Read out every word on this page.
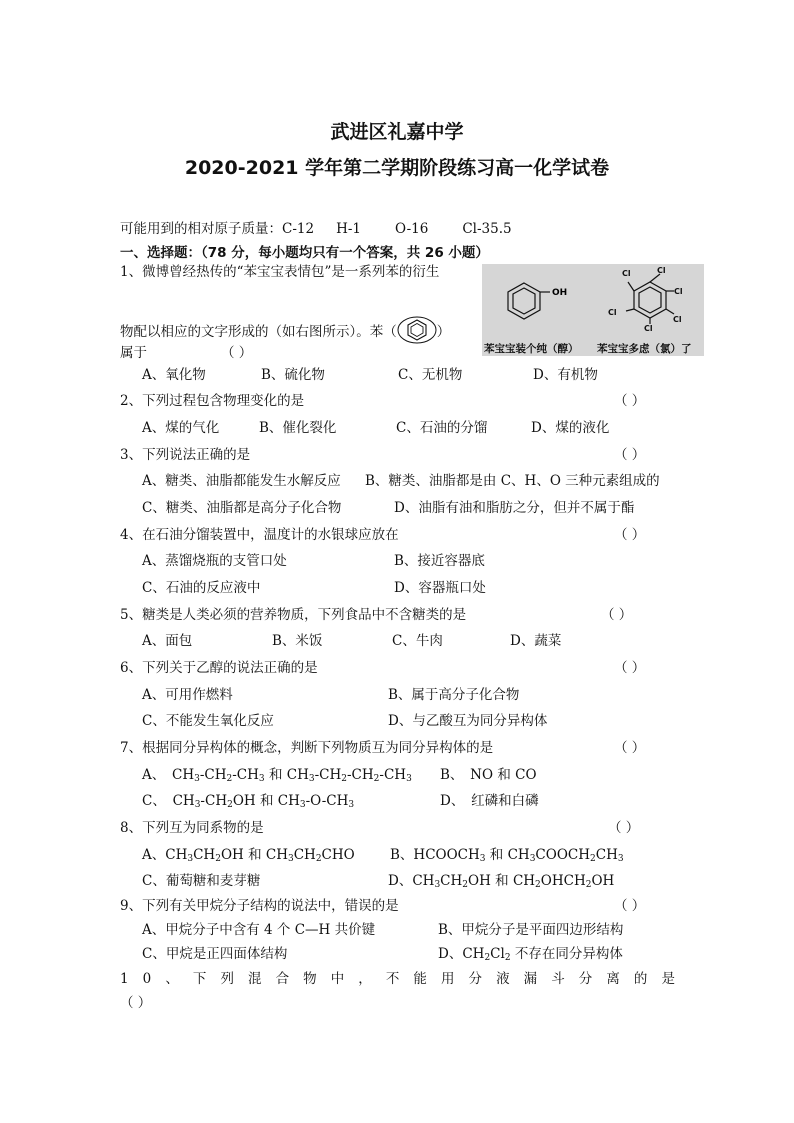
武进区礼嘉中学
2020-2021 学年第二学期阶段练习高一化学试卷
可能用到的相对原子质量：C-12 H-1	O-16	Cl-35.5
一、选择题：（78 分，每小题均只有一个答案，共 26 小题）
OH
Cl	Cl
Cl
Cl
Cl
Cl
苯宝宝装个纯（醇） 苯宝宝多虑（氯）了
1、微博曾经热传的“苯宝宝表情包”是一系列苯的衍生
物配以相应的文字形成的（如右图所示）。苯（	）
属于	（ ）
A、氧化物	B、硫化物	C、无机物	D、有机物
2、下列过程包含物理变化的是	（ ）
A、煤的气化	B、催化裂化	C、石油的分馏	D、煤的液化
3、下列说法正确的是	（ ）
A、糖类、油脂都能发生水解反应 B、糖类、油脂都是由 C、H、O 三种元素组成的
C、糖类、油脂都是高分子化合物	D、油脂有油和脂肪之分，但并不属于酯
4、在石油分馏装置中，温度计的水银球应放在	（ ）
A、蒸馏烧瓶的支管口处	B、接近容器底
C、石油的反应液中	D、容器瓶口处
5、糖类是人类必须的营养物质，下列食品中不含糖类的是	（ ）
A、面包	B、米饭	C、牛肉	D、蔬菜
6、下列关于乙醇的说法正确的是	（ ）
A、可用作燃料	B、属于高分子化合物
C、不能发生氧化反应	D、与乙酸互为同分异构体
7、根据同分异构体的概念，判断下列物质互为同分异构体的是	（ ）
A、　$CH_3-CH_2-CH_3$ 和 $CH_3-CH_2-CH_2-CH_3$ B、　NO 和 CO
C、　$CH_3-CH_2OH$ 和 $CH_3-O-CH_3$	D、　红磷和白磷
8、下列互为同系物的是	（ ）
A、$CH_3CH_2OH$ 和 $CH_3CH_2CHO$	B、$HCOOCH_3$ 和 $CH_3COOCH_2CH_3$
C、葡萄糖和麦芽糖	D、$CH_3CH_2OH$ 和 $CH_2OHCH_2OH$
9、下列有关甲烷分子结构的说法中，错误的是	（ ）
A、甲烷分子中含有 4 个 C—H 共价键	B、甲烷分子是平面四边形结构
C、甲烷是正四面体结构	D、$CH_2Cl_2$ 不存在同分异构体
1 0 、 下 列 混 合 物 中 ， 不 能 用 分 液 漏 斗 分 离 的 是
（ ）
